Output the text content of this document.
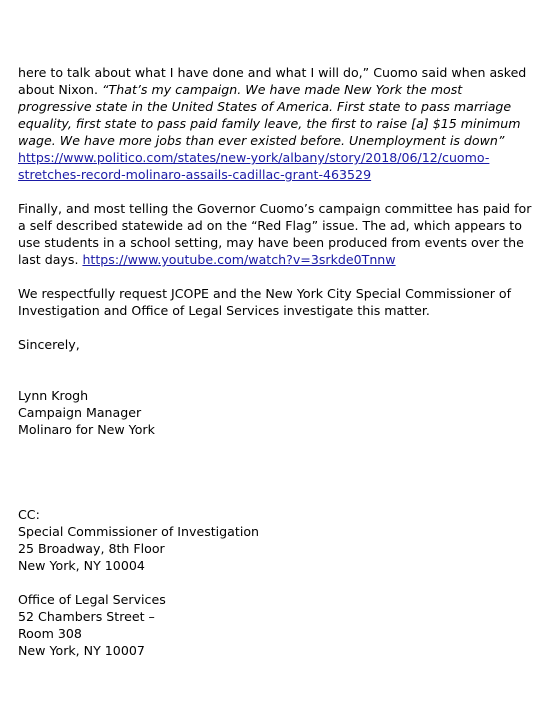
here to talk about what I have done and what I will do,” Cuomo said when asked about Nixon. “That’s my campaign. We have made New York the most progressive state in the United States of America. First state to pass marriage equality, first state to pass paid family leave, the first to raise [a] $15 minimum wage. We have more jobs than ever existed before. Unemployment is down”
https://www.politico.com/states/new-york/albany/story/2018/06/12/cuomo-
stretches-record-molinaro-assails-cadillac-grant-463529

Finally, and most telling the Governor Cuomo’s campaign committee has paid for a self described statewide ad on the “Red Flag” issue. The ad, which appears to use students in a school setting, may have been produced from events over the last days. https://www.youtube.com/watch?v=3srkde0Tnnw

We respectfully request JCOPE and the New York City Special Commissioner of Investigation and Office of Legal Services investigate this matter.

Sincerely,

Lynn Krogh

Campaign Manager

Molinaro for New York

CC:

Special Commissioner of Investigation

25 Broadway, 8th Floor

New York, NY 10004

Office of Legal Services

52 Chambers Street –

Room 308

New York, NY 10007
